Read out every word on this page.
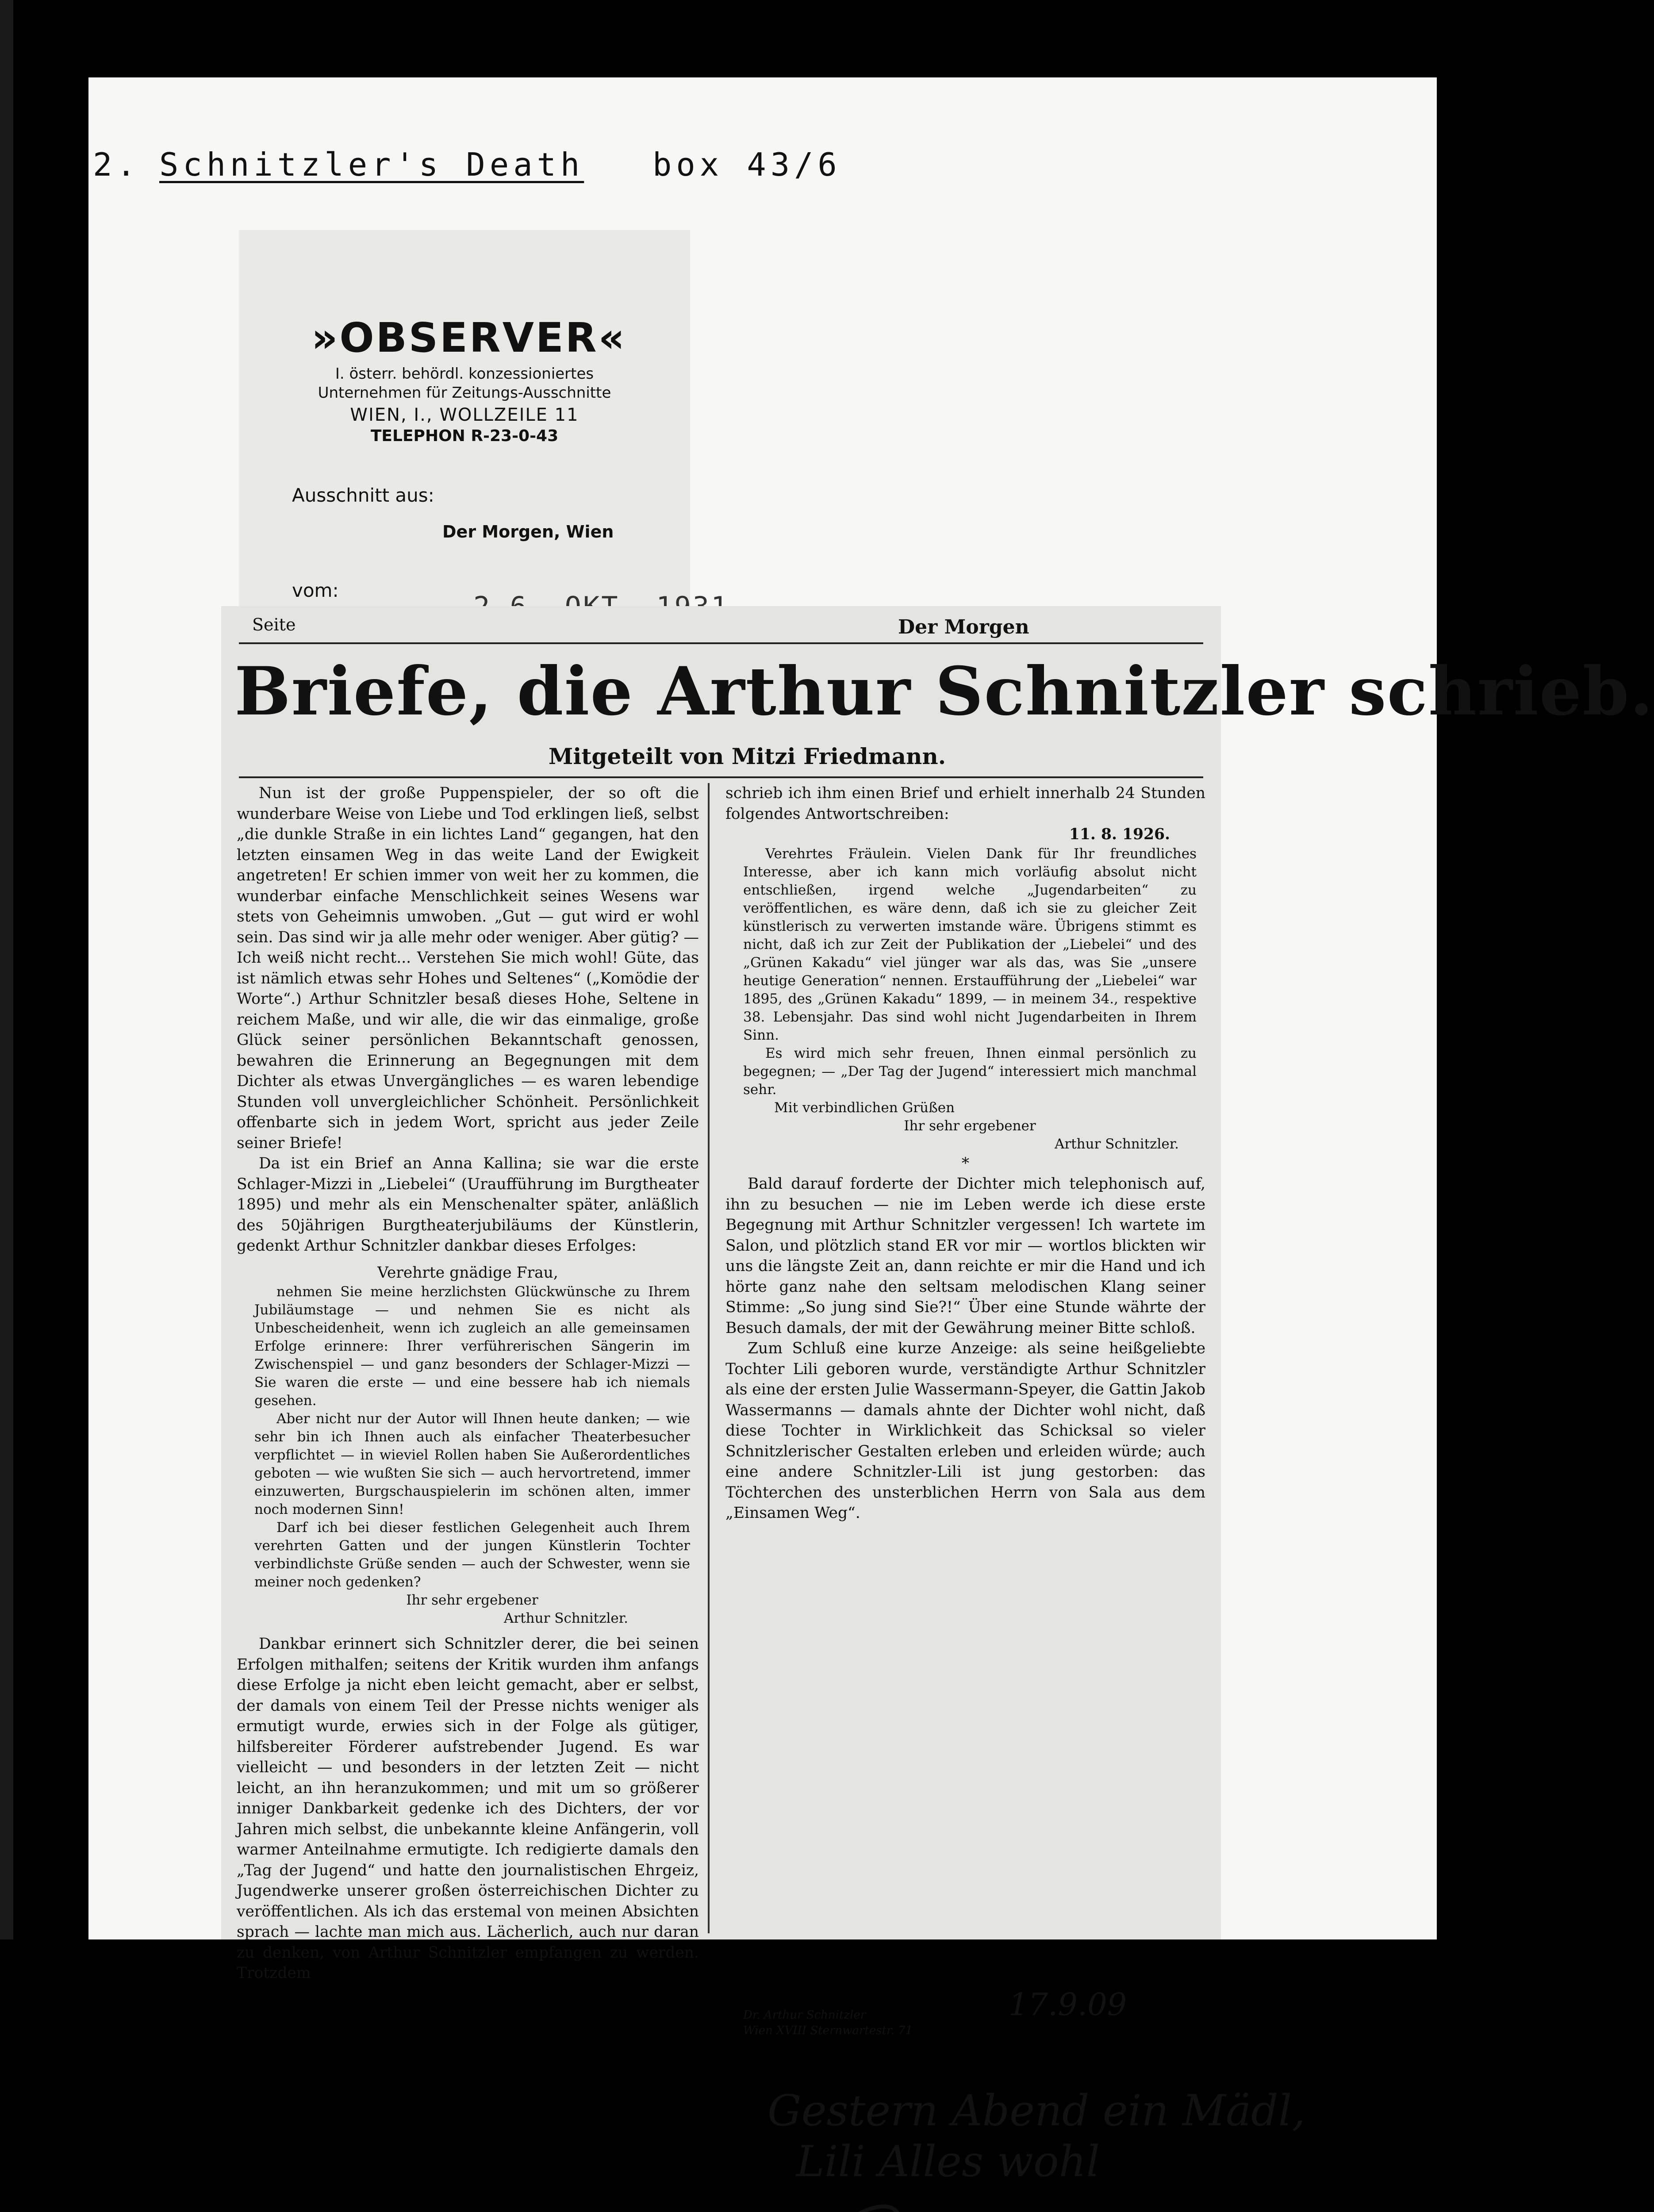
2. Schnitzler's Death box 43/6
»OBSERVER«
I. österr. behördl. konzessioniertes
Unternehmen für Zeitungs-Ausschnitte
WIEN, I., WOLLZEILE 11
TELEPHON R-23-0-43
Ausschnitt aus:
Der Morgen, Wien
vom:
Seite	Der Morgen
Briefe, die Arthur Schnitzler schrieb.
Mitgeteilt von Mitzi Friedmann.

Nun ist der große Puppenspieler, der so oft die wunderbare Weise von Liebe und Tod erklingen ließ, selbst „die dunkle Straße in ein lichtes Land“ gegangen, hat den letzten einsamen Weg in das weite Land der Ewigkeit angetreten! Er schien immer von weit her zu kommen, die wunderbar einfache Menschlichkeit seines Wesens war stets von Geheimnis umwoben. „Gut — gut wird er wohl sein. Das sind wir ja alle mehr oder weniger. Aber gütig? — Ich weiß nicht recht... Verstehen Sie mich wohl! Güte, das ist nämlich etwas sehr Hohes und Seltenes“ („Komödie der Worte“.) Arthur Schnitzler besaß dieses Hohe, Seltene in reichem Maße, und wir alle, die wir das einmalige, große Glück seiner persönlichen Bekanntschaft genossen, bewahren die Erinnerung an Begegnungen mit dem Dichter als etwas Unvergängliches — es waren lebendige Stunden voll unvergleichlicher Schönheit. Persönlichkeit offenbarte sich in jedem Wort, spricht aus jeder Zeile seiner Briefe!

Da ist ein Brief an Anna Kallina; sie war die erste Schlager-Mizzi in „Liebelei“ (Uraufführung im Burgtheater 1895) und mehr als ein Menschenalter später, anläßlich des 50jährigen Burgtheaterjubiläums der Künstlerin, gedenkt Arthur Schnitzler dankbar dieses Erfolges:

Verehrte gnädige Frau,

nehmen Sie meine herzlichsten Glückwünsche zu Ihrem Jubiläumstage — und nehmen Sie es nicht als Unbescheidenheit, wenn ich zugleich an alle gemeinsamen Erfolge erinnere: Ihrer verführerischen Sängerin im Zwischenspiel — und ganz besonders der Schlager-Mizzi — Sie waren die erste — und eine bessere hab ich niemals gesehen.

Aber nicht nur der Autor will Ihnen heute danken; — wie sehr bin ich Ihnen auch als einfacher Theaterbesucher verpflichtet — in wieviel Rollen haben Sie Außerordentliches geboten — wie wußten Sie sich — auch hervortretend, immer einzuwerten, Burgschauspielerin im schönen alten, immer noch modernen Sinn!

Darf ich bei dieser festlichen Gelegenheit auch Ihrem verehrten Gatten und der jungen Künstlerin Tochter verbindlichste Grüße senden — auch der Schwester, wenn sie meiner noch gedenken?

Ihr sehr ergebener

Arthur Schnitzler.

Dankbar erinnert sich Schnitzler derer, die bei seinen Erfolgen mithalfen; seitens der Kritik wurden ihm anfangs diese Erfolge ja nicht eben leicht gemacht, aber er selbst, der damals von einem Teil der Presse nichts weniger als ermutigt wurde, erwies sich in der Folge als gütiger, hilfsbereiter Förderer aufstrebender Jugend. Es war vielleicht — und besonders in der letzten Zeit — nicht leicht, an ihn heranzukommen; und mit um so größerer inniger Dankbarkeit gedenke ich des Dichters, der vor Jahren mich selbst, die unbekannte kleine Anfängerin, voll warmer Anteilnahme ermutigte. Ich redigierte damals den „Tag der Jugend“ und hatte den journalistischen Ehrgeiz, Jugendwerke unserer großen österreichischen Dichter zu veröffentlichen. Als ich das erstemal von meinen Absichten sprach — lachte man mich aus. Lächerlich, auch nur daran zu denken, von Arthur Schnitzler empfangen zu werden. Trotzdem

schrieb ich ihm einen Brief und erhielt innerhalb 24 Stunden folgendes Antwortschreiben:

11. 8. 1926.

Verehrtes Fräulein. Vielen Dank für Ihr freundliches Interesse, aber ich kann mich vorläufig absolut nicht entschließen, irgend welche „Jugendarbeiten“ zu veröffentlichen, es wäre denn, daß ich sie zu gleicher Zeit künstlerisch zu verwerten imstande wäre. Übrigens stimmt es nicht, daß ich zur Zeit der Publikation der „Liebelei“ und des „Grünen Kakadu“ viel jünger war als das, was Sie „unsere heutige Generation“ nennen. Erstaufführung der „Liebelei“ war 1895, des „Grünen Kakadu“ 1899, — in meinem 34., respektive 38. Lebensjahr. Das sind wohl nicht Jugendarbeiten in Ihrem Sinn.

Es wird mich sehr freuen, Ihnen einmal persönlich zu begegnen; — „Der Tag der Jugend“ interessiert mich manchmal sehr.

Mit verbindlichen Grüßen

Ihr sehr ergebener

Arthur Schnitzler.

*

Bald darauf forderte der Dichter mich telephonisch auf, ihn zu besuchen — nie im Leben werde ich diese erste Begegnung mit Arthur Schnitzler vergessen! Ich wartete im Salon, und plötzlich stand ER vor mir — wortlos blickten wir uns die längste Zeit an, dann reichte er mir die Hand und ich hörte ganz nahe den seltsam melodischen Klang seiner Stimme: „So jung sind Sie?!“ Über eine Stunde währte der Besuch damals, der mit der Gewährung meiner Bitte schloß.

Zum Schluß eine kurze Anzeige: als seine heißgeliebte Tochter Lili geboren wurde, verständigte Arthur Schnitzler als eine der ersten Julie Wassermann-Speyer, die Gattin Jakob Wassermanns — damals ahnte der Dichter wohl nicht, daß diese Tochter in Wirklichkeit das Schicksal so vieler Schnitzlerischer Gestalten erleben und erleiden würde; auch eine andere Schnitzler-Lili ist jung gestorben: das Töchterchen des unsterblichen Herrn von Sala aus dem „Einsamen Weg“.

Dr. Arthur Schnitzler
Wien XVIII Sternwartestr. 71
17.9.09
Gestern Abend ein Mädl,
Lili Alles wohl
